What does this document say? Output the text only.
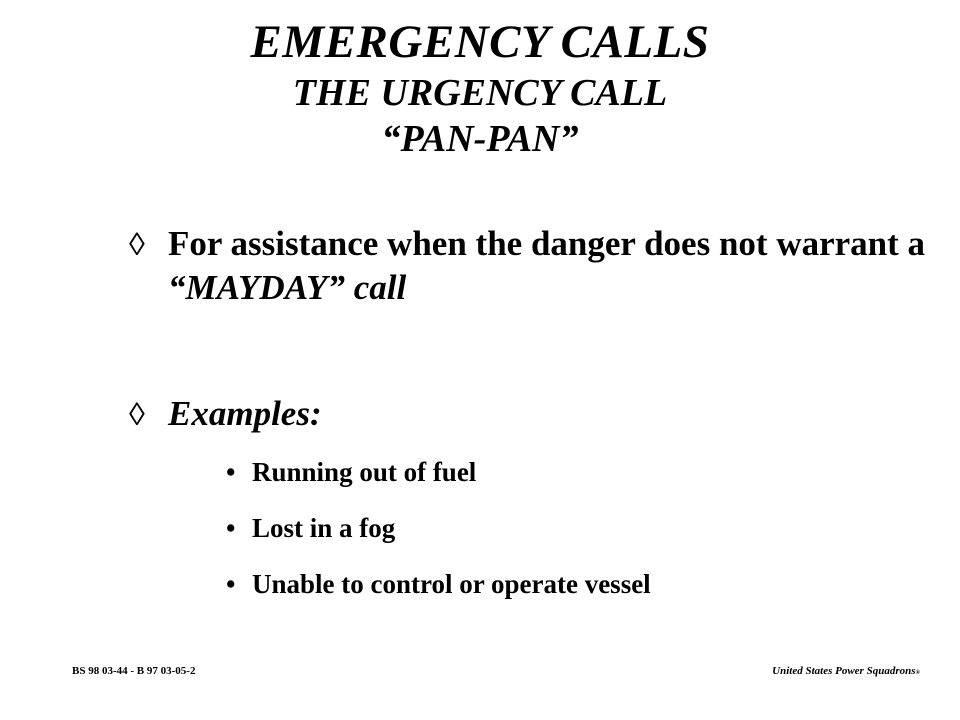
EMERGENCY CALLS
THE URGENCY CALL
“PAN-PAN”
◊ For assistance when the danger does not warrant a “MAYDAY” call
◊ Examples:
• Running out of fuel
• Lost in a fog
• Unable to control or operate vessel
BS 98 03-44 - B 97 03-05-2	United States Power Squadrons®
